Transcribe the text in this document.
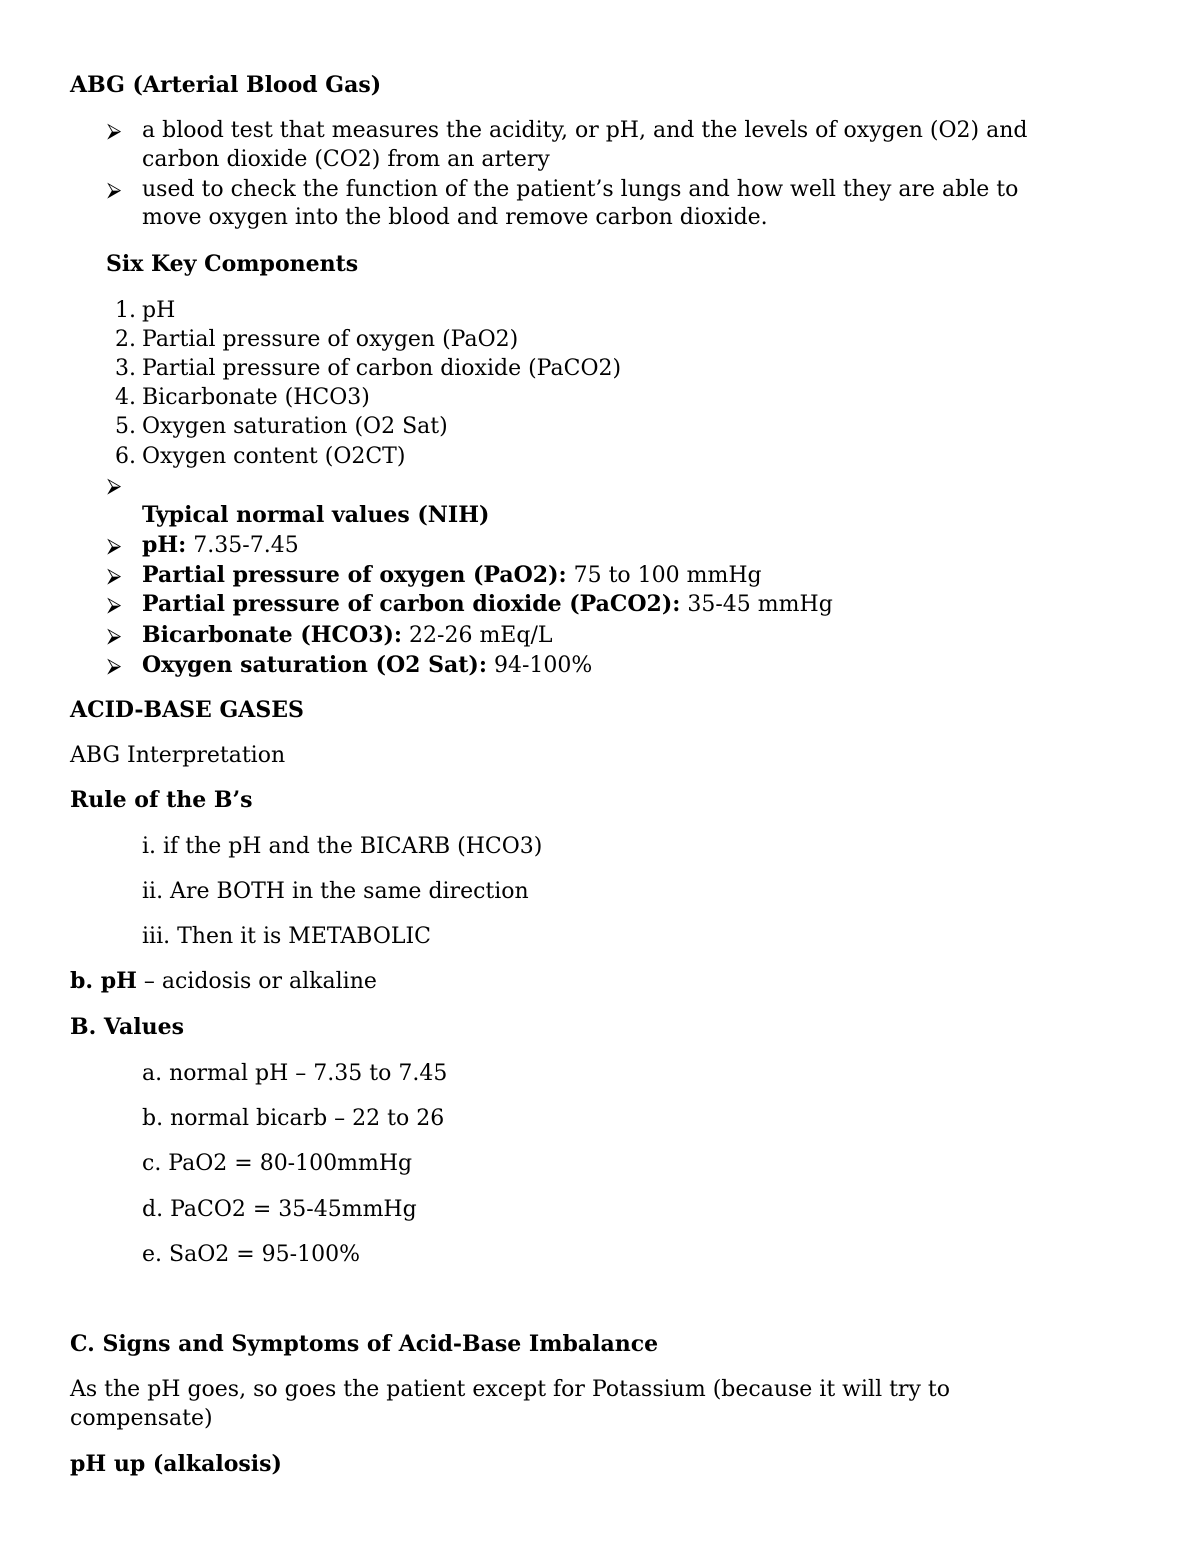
ABG (Arterial Blood Gas)
⮚ a blood test that measures the acidity, or pH, and the levels of oxygen (O2) and
carbon dioxide (CO2) from an artery
⮚ used to check the function of the patient’s lungs and how well they are able to
move oxygen into the blood and remove carbon dioxide.
Six Key Components
1. pH
2. Partial pressure of oxygen (PaO2)
3. Partial pressure of carbon dioxide (PaCO2)
4. Bicarbonate (HCO3)
5. Oxygen saturation (O2 Sat)
6. Oxygen content (O2CT)
⮚
Typical normal values (NIH)
⮚ pH: 7.35-7.45
⮚ Partial pressure of oxygen (PaO2): 75 to 100 mmHg
⮚ Partial pressure of carbon dioxide (PaCO2): 35-45 mmHg
⮚ Bicarbonate (HCO3): 22-26 mEq/L
⮚ Oxygen saturation (O2 Sat): 94-100%
ACID-BASE GASES
ABG Interpretation
Rule of the B’s
i. if the pH and the BICARB (HCO3)
ii. Are BOTH in the same direction
iii. Then it is METABOLIC
b. pH – acidosis or alkaline
B. Values
a. normal pH – 7.35 to 7.45
b. normal bicarb – 22 to 26
c. PaO2 = 80-100mmHg
d. PaCO2 = 35-45mmHg
e. SaO2 = 95-100%
C. Signs and Symptoms of Acid-Base Imbalance
As the pH goes, so goes the patient except for Potassium (because it will try to
compensate)
pH up (alkalosis)
